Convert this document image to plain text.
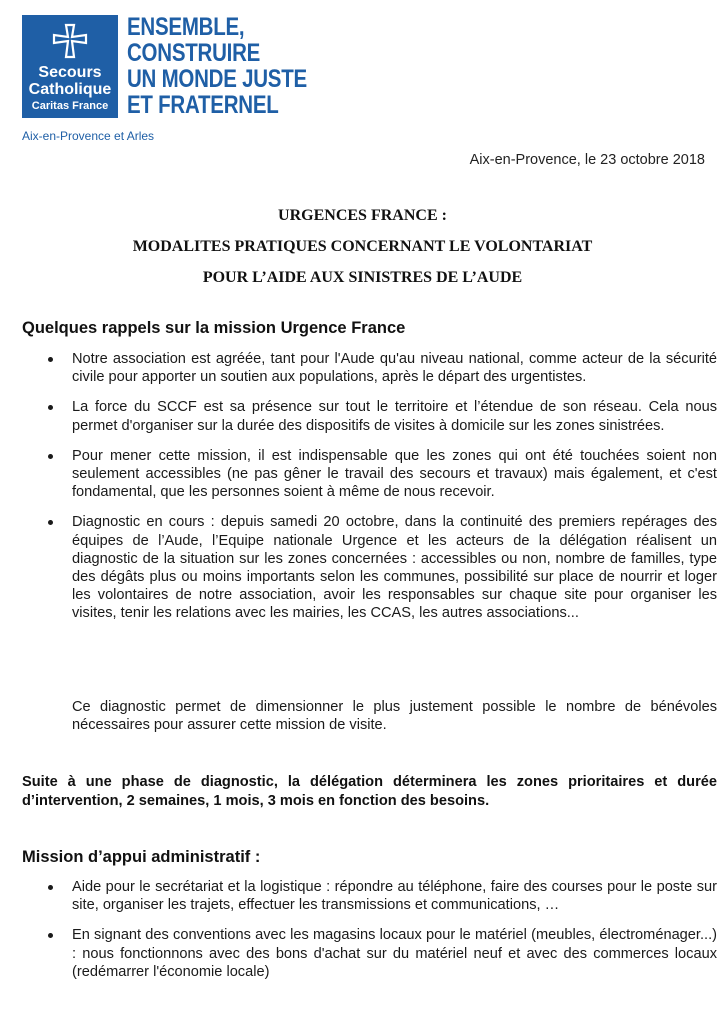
Secours
Catholique
Caritas France
ENSEMBLE,
CONSTRUIRE
UN MONDE JUSTE
ET FRATERNEL
Aix-en-Provence et Arles
Aix-en-Provence, le 23 octobre 2018
URGENCES FRANCE :
MODALITES PRATIQUES CONCERNANT LE VOLONTARIAT
POUR L’AIDE AUX SINISTRES DE L’AUDE
Quelques rappels sur la mission Urgence France
Notre association est agréée, tant pour l'Aude qu'au niveau national, comme acteur de la sécurité civile pour apporter un soutien aux populations, après le départ des urgentistes.
La force du SCCF est sa présence sur tout le territoire et l’étendue de son réseau. Cela nous permet d'organiser sur la durée des dispositifs de visites à domicile sur les zones sinistrées.
Pour mener cette mission, il est indispensable que les zones qui ont été touchées soient non seulement accessibles (ne pas gêner le travail des secours et travaux) mais également, et c'est fondamental, que les personnes soient à même de nous recevoir.
Diagnostic en cours : depuis samedi 20 octobre, dans la continuité des premiers repérages des équipes de l’Aude, l’Equipe nationale Urgence et les acteurs de la délégation réalisent un diagnostic de la situation sur les zones concernées : accessibles ou non, nombre de familles, type des dégâts plus ou moins importants selon les communes, possibilité sur place de nourrir et loger les volontaires de notre association, avoir les responsables sur chaque site pour organiser les visites, tenir les relations avec les mairies, les CCAS, les autres associations...
Ce diagnostic permet de dimensionner le plus justement possible le nombre de bénévoles nécessaires pour assurer cette mission de visite.
Suite à une phase de diagnostic, la délégation déterminera les zones prioritaires et durée d’intervention, 2 semaines, 1 mois, 3 mois en fonction des besoins.
Mission d’appui administratif :
Aide pour le secrétariat et la logistique : répondre au téléphone, faire des courses pour le poste sur site, organiser les trajets, effectuer les transmissions et communications, …
En signant des conventions avec les magasins locaux pour le matériel (meubles, électroménager...) : nous fonctionnons avec des bons d'achat sur du matériel neuf et avec des commerces locaux (redémarrer l'économie locale)
